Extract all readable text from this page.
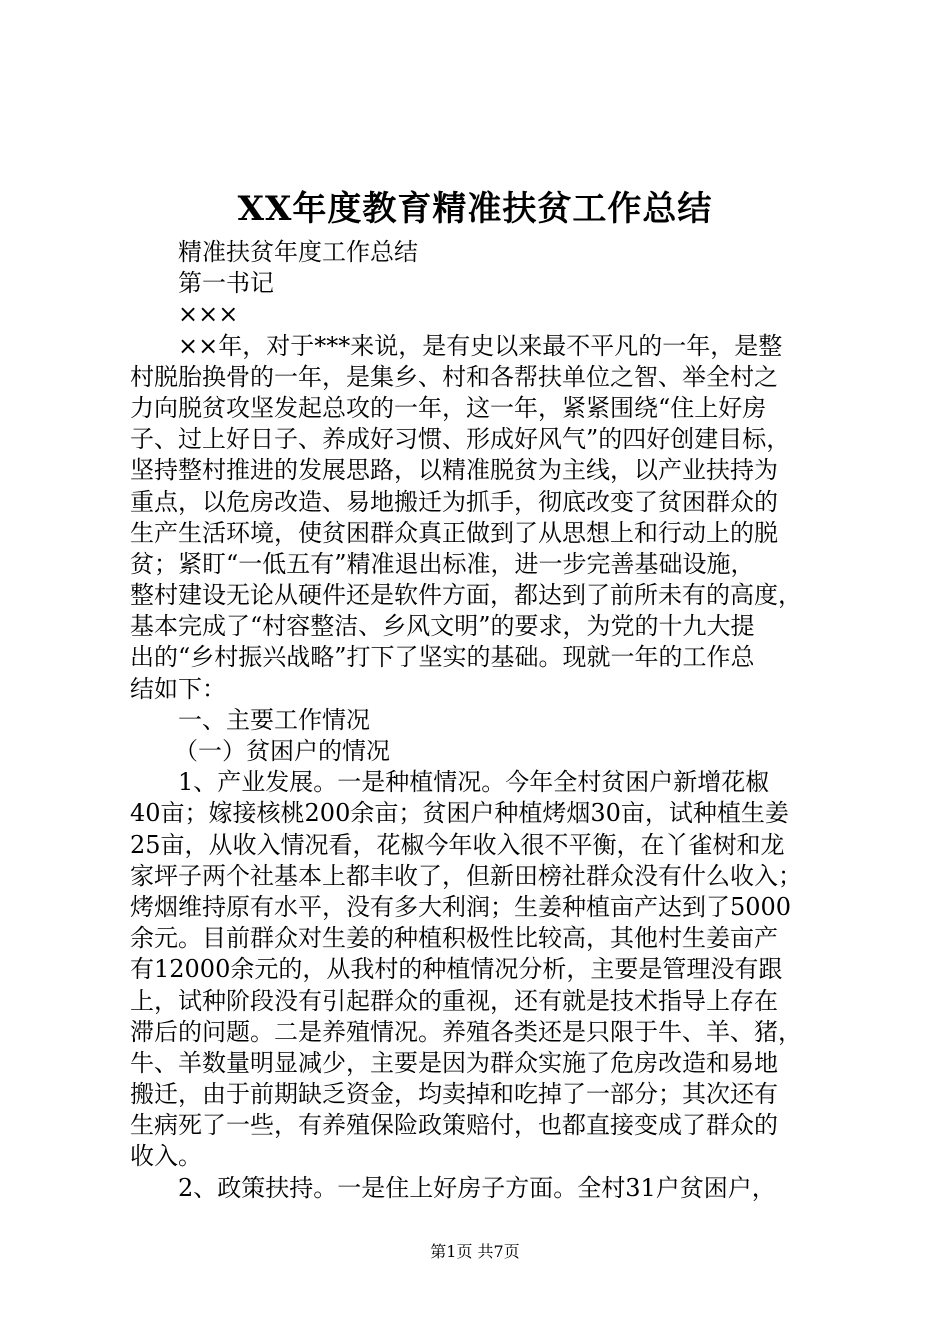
XX年度教育精准扶贫工作总结
精准扶贫年度工作总结
第一书记
×××
××年，对于***来说，是有史以来最不平凡的一年，是整
村脱胎换骨的一年，是集乡、村和各帮扶单位之智、举全村之
力向脱贫攻坚发起总攻的一年，这一年，紧紧围绕“住上好房
子、过上好日子、养成好习惯、形成好风气”的四好创建目标，
坚持整村推进的发展思路，以精准脱贫为主线，以产业扶持为
重点，以危房改造、易地搬迁为抓手，彻底改变了贫困群众的
生产生活环境，使贫困群众真正做到了从思想上和行动上的脱
贫；紧盯“一低五有”精准退出标准，进一步完善基础设施，
整村建设无论从硬件还是软件方面，都达到了前所未有的高度，
基本完成了“村容整洁、乡风文明”的要求，为党的十九大提
出的“乡村振兴战略”打下了坚实的基础。现就一年的工作总
结如下：
一、主要工作情况
（一）贫困户的情况
1、产业发展。一是种植情况。今年全村贫困户新增花椒
40亩；嫁接核桃200余亩；贫困户种植烤烟30亩，试种植生姜
25亩，从收入情况看，花椒今年收入很不平衡，在丫雀树和龙
家坪子两个社基本上都丰收了，但新田榜社群众没有什么收入；
烤烟维持原有水平，没有多大利润；生姜种植亩产达到了5000
余元。目前群众对生姜的种植积极性比较高，其他村生姜亩产
有12000余元的，从我村的种植情况分析，主要是管理没有跟
上，试种阶段没有引起群众的重视，还有就是技术指导上存在
滞后的问题。二是养殖情况。养殖各类还是只限于牛、羊、猪，
牛、羊数量明显减少，主要是因为群众实施了危房改造和易地
搬迁，由于前期缺乏资金，均卖掉和吃掉了一部分；其次还有
生病死了一些，有养殖保险政策赔付，也都直接变成了群众的
收入。
2、政策扶持。一是住上好房子方面。全村31户贫困户，
第1页 共7页
